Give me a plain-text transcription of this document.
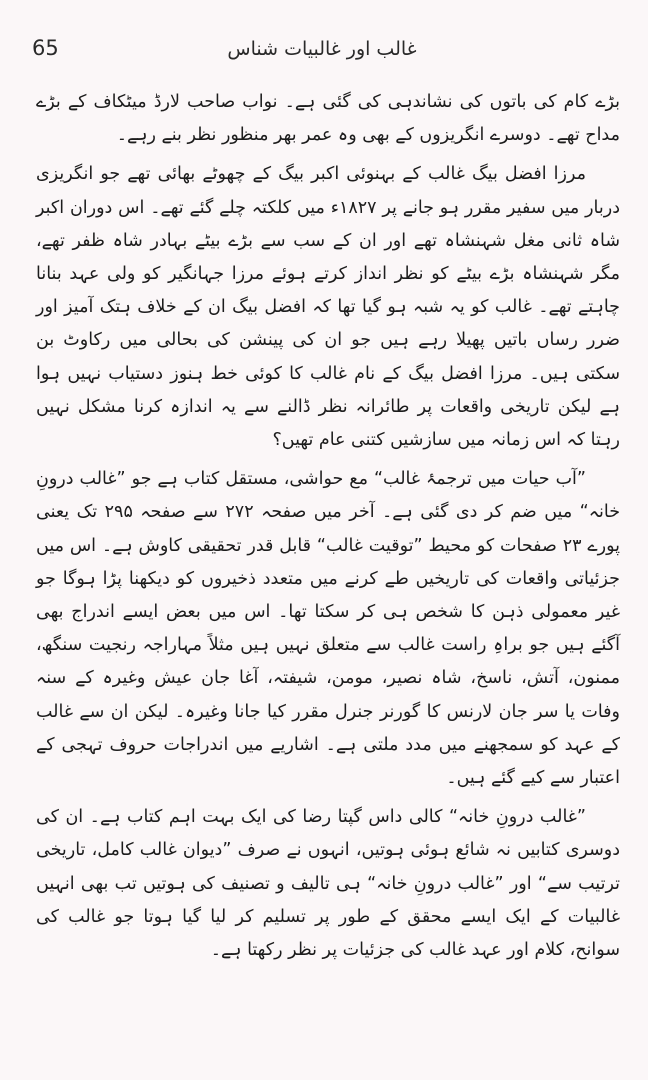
65	غالب اور غالبیات شناس

بڑے کام کی باتوں کی نشاندہی کی گئی ہے۔ نواب صاحب لارڈ میٹکاف کے بڑے مداح تھے۔ دوسرے انگریزوں کے بھی وہ عمر بھر منظور نظر بنے رہے۔

مرزا افضل بیگ غالب کے بہنوئی اکبر بیگ کے چھوٹے بھائی تھے جو انگریزی دربار میں سفیر مقرر ہو جانے پر ۱۸۲۷ء میں کلکتہ چلے گئے تھے۔ اس دوران اکبر شاہ ثانی مغل شہنشاہ تھے اور ان کے سب سے بڑے بیٹے بہادر شاہ ظفر تھے، مگر شہنشاہ بڑے بیٹے کو نظر انداز کرتے ہوئے مرزا جہانگیر کو ولی عہد بنانا چاہتے تھے۔ غالب کو یہ شبہ ہو گیا تھا کہ افضل بیگ ان کے خلاف ہتک آمیز اور ضرر رساں باتیں پھیلا رہے ہیں جو ان کی پینشن کی بحالی میں رکاوٹ بن سکتی ہیں۔ مرزا افضل بیگ کے نام غالب کا کوئی خط ہنوز دستیاب نہیں ہوا ہے لیکن تاریخی واقعات پر طائرانہ نظر ڈالنے سے یہ اندازہ کرنا مشکل نہیں رہتا کہ اس زمانہ میں سازشیں کتنی عام تھیں؟

”آب حیات میں ترجمۂ غالب“ مع حواشی، مستقل کتاب ہے جو ”غالب درونِ خانہ“ میں ضم کر دی گئی ہے۔ آخر میں صفحہ ۲۷۲ سے صفحہ ۲۹۵ تک یعنی پورے ۲۳ صفحات کو محیط ”توقیت غالب“ قابل قدر تحقیقی کاوش ہے۔ اس میں جزئیاتی واقعات کی تاریخیں طے کرنے میں متعدد ذخیروں کو دیکھنا پڑا ہوگا جو غیر معمولی ذہن کا شخص ہی کر سکتا تھا۔ اس میں بعض ایسے اندراج بھی آگئے ہیں جو براہِ راست غالب سے متعلق نہیں ہیں مثلاً مہاراجہ رنجیت سنگھ، ممنون، آتش، ناسخ، شاہ نصیر، مومن، شیفتہ، آغا جان عیش وغیرہ کے سنہ وفات یا سر جان لارنس کا گورنر جنرل مقرر کیا جانا وغیرہ۔ لیکن ان سے غالب کے عہد کو سمجھنے میں مدد ملتی ہے۔ اشاریے میں اندراجات حروف تہجی کے اعتبار سے کیے گئے ہیں۔

”غالب درونِ خانہ“ کالی داس گپتا رضا کی ایک بہت اہم کتاب ہے۔ ان کی دوسری کتابیں نہ شائع ہوئی ہوتیں، انہوں نے صرف ”دیوان غالب کامل، تاریخی ترتیب سے“ اور ”غالب درونِ خانہ“ ہی تالیف و تصنیف کی ہوتیں تب بھی انہیں غالبیات کے ایک ایسے محقق کے طور پر تسلیم کر لیا گیا ہوتا جو غالب کی سوانح، کلام اور عہد غالب کی جزئیات پر نظر رکھتا ہے۔
